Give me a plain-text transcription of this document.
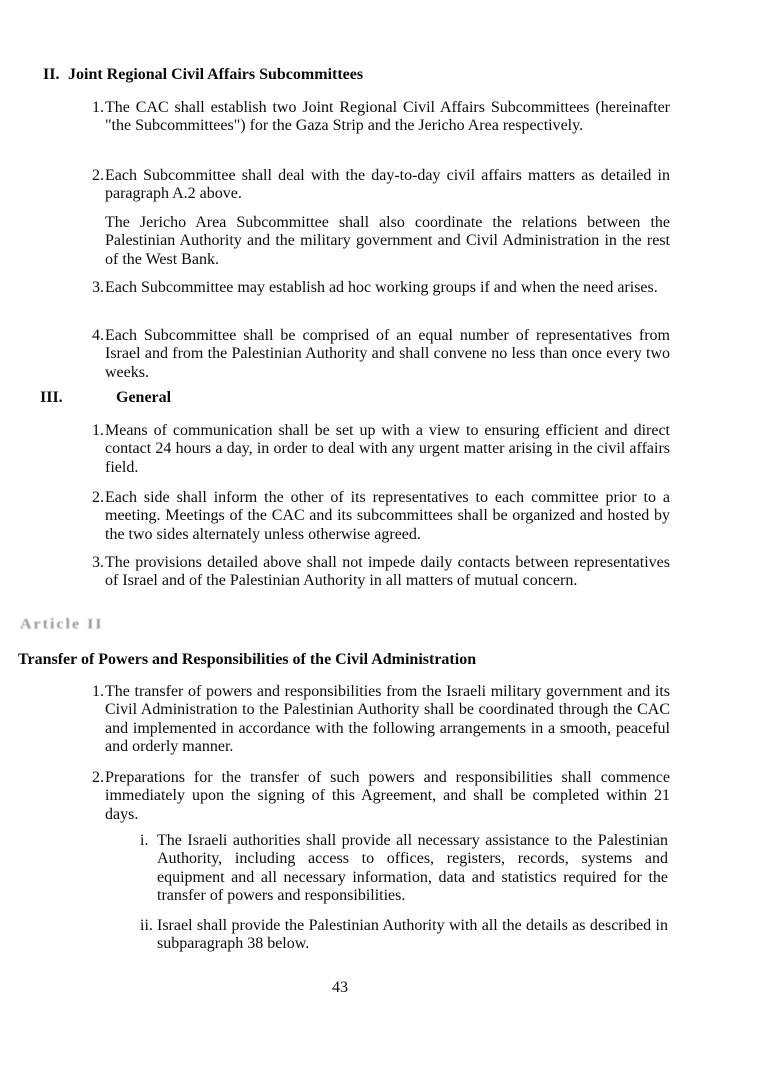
II. Joint Regional Civil Affairs Subcommittees
1. The CAC shall establish two Joint Regional Civil Affairs Subcommittees (hereinafter "the Subcommittees") for the Gaza Strip and the Jericho Area respectively.
2. Each Subcommittee shall deal with the day-to-day civil affairs matters as detailed in paragraph A.2 above.
The Jericho Area Subcommittee shall also coordinate the relations between the Palestinian Authority and the military government and Civil Administration in the rest of the West Bank.
3. Each Subcommittee may establish ad hoc working groups if and when the need arises.
4. Each Subcommittee shall be comprised of an equal number of representatives from Israel and from the Palestinian Authority and shall convene no less than once every two weeks.
III.	General
1. Means of communication shall be set up with a view to ensuring efficient and direct contact 24 hours a day, in order to deal with any urgent matter arising in the civil affairs field.
2. Each side shall inform the other of its representatives to each committee prior to a meeting. Meetings of the CAC and its subcommittees shall be organized and hosted by the two sides alternately unless otherwise agreed.
3. The provisions detailed above shall not impede daily contacts between representatives of Israel and of the Palestinian Authority in all matters of mutual concern.
Article II
Transfer of Powers and Responsibilities of the Civil Administration
1. The transfer of powers and responsibilities from the Israeli military government and its Civil Administration to the Palestinian Authority shall be coordinated through the CAC and implemented in accordance with the following arrangements in a smooth, peaceful and orderly manner.
2. Preparations for the transfer of such powers and responsibilities shall commence immediately upon the signing of this Agreement, and shall be completed within 21 days.
i. The Israeli authorities shall provide all necessary assistance to the Palestinian Authority, including access to offices, registers, records, systems and equipment and all necessary information, data and statistics required for the transfer of powers and responsibilities.
ii. Israel shall provide the Palestinian Authority with all the details as described in subparagraph 38 below.
43
